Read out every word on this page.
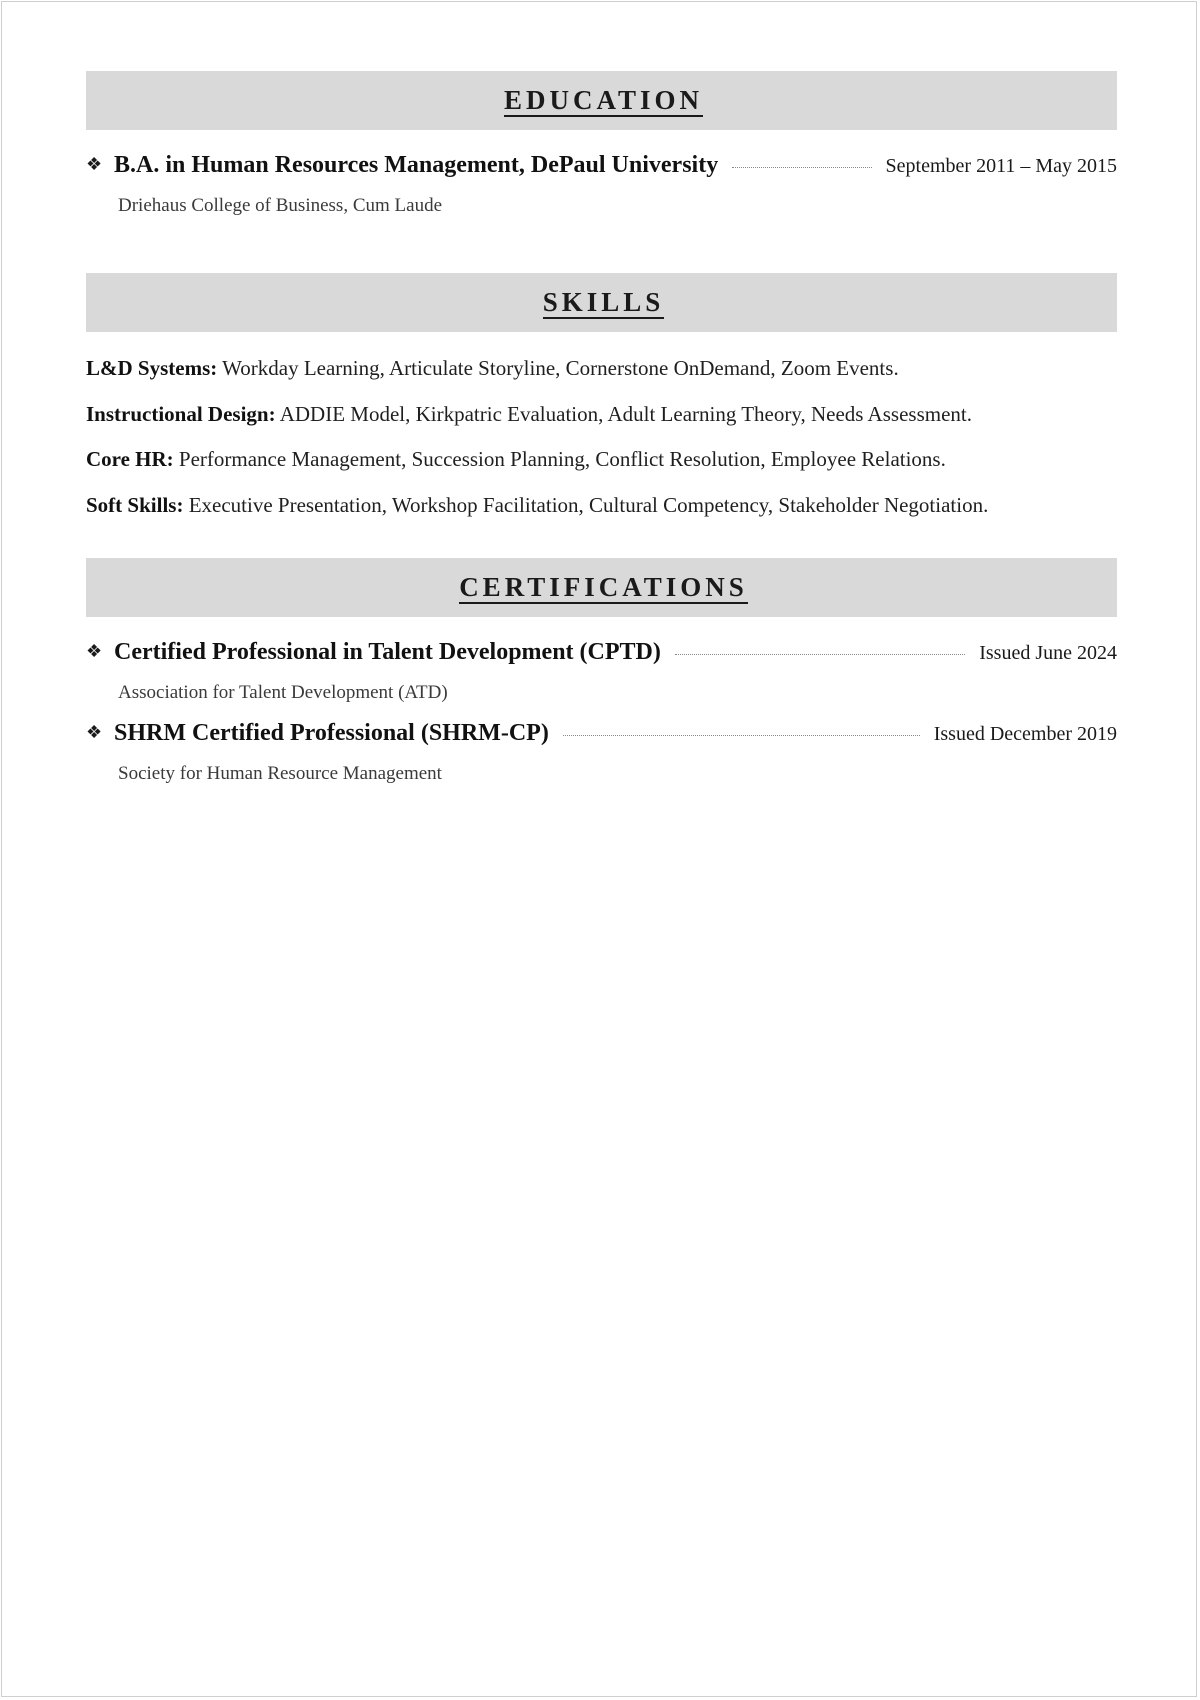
EDUCATION
❖ B.A. in Human Resources Management, DePaul University	September 2011 – May 2015
Driehaus College of Business, Cum Laude
SKILLS
L&D Systems: Workday Learning, Articulate Storyline, Cornerstone OnDemand, Zoom Events.
Instructional Design: ADDIE Model, Kirkpatric Evaluation, Adult Learning Theory, Needs Assessment.
Core HR: Performance Management, Succession Planning, Conflict Resolution, Employee Relations.
Soft Skills: Executive Presentation, Workshop Facilitation, Cultural Competency, Stakeholder Negotiation.
CERTIFICATIONS
❖ Certified Professional in Talent Development (CPTD)	Issued June 2024
Association for Talent Development (ATD)
❖ SHRM Certified Professional (SHRM-CP)	Issued December 2019
Society for Human Resource Management
